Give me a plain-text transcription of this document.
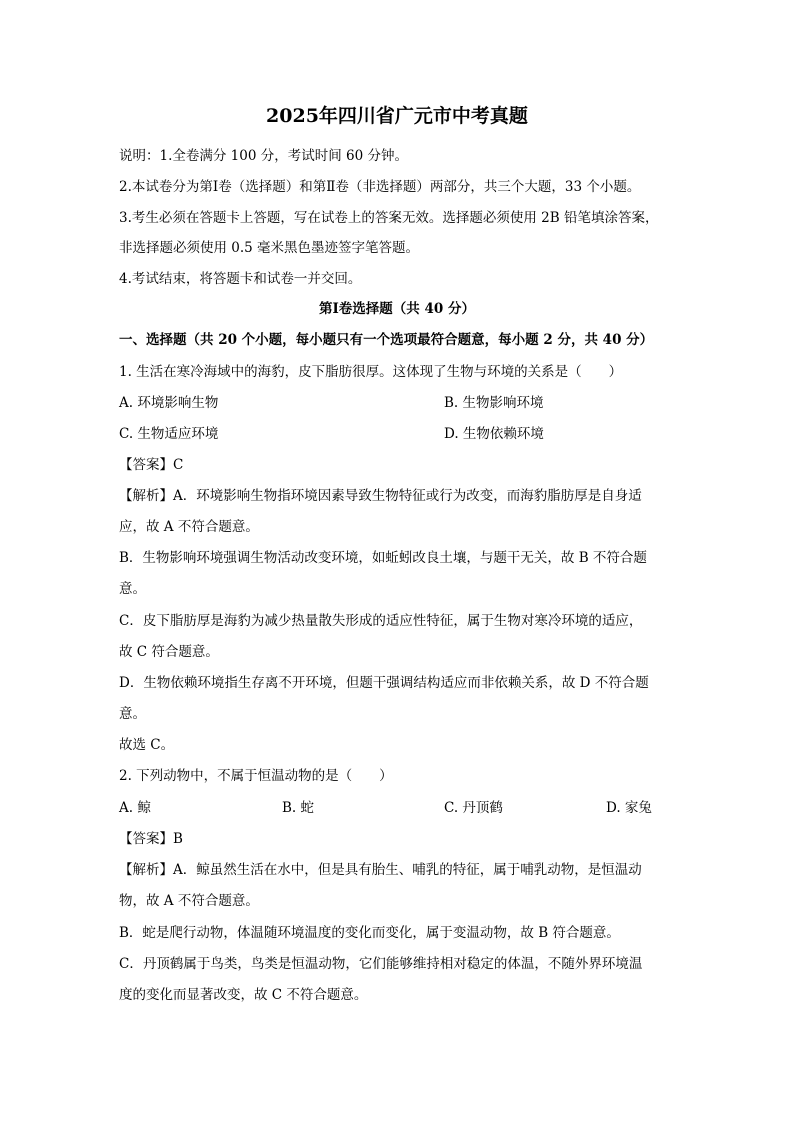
2025年四川省广元市中考真题
说明：1.全卷满分 100 分，考试时间 60 分钟。
2.本试卷分为第Ⅰ卷（选择题）和第Ⅱ卷（非选择题）两部分，共三个大题，33 个小题。
3.考生必须在答题卡上答题，写在试卷上的答案无效。选择题必须使用 2B 铅笔填涂答案，
非选择题必须使用 0.5 毫米黑色墨迹签字笔答题。
4.考试结束，将答题卡和试卷一并交回。
第Ⅰ卷选择题（共 40 分）
一、选择题（共 20 个小题，每小题只有一个选项最符合题意，每小题 2 分，共 40 分）
1. 生活在寒冷海域中的海豹，皮下脂肪很厚。这体现了生物与环境的关系是（　　）
A. 环境影响生物	B. 生物影响环境
C. 生物适应环境	D. 生物依赖环境
【答案】C
【解析】A．环境影响生物指环境因素导致生物特征或行为改变，而海豹脂肪厚是自身适
应，故 A 不符合题意。
B．生物影响环境强调生物活动改变环境，如蚯蚓改良土壤，与题干无关，故 B 不符合题
意。
C．皮下脂肪厚是海豹为减少热量散失形成的适应性特征，属于生物对寒冷环境的适应，
故 C 符合题意。
D．生物依赖环境指生存离不开环境，但题干强调结构适应而非依赖关系，故 D 不符合题
意。
故选 C。
2. 下列动物中，不属于恒温动物的是（　　）
A. 鲸	B. 蛇	C. 丹顶鹤	D. 家兔
【答案】B
【解析】A．鲸虽然生活在水中，但是具有胎生、哺乳的特征，属于哺乳动物，是恒温动
物，故 A 不符合题意。
B．蛇是爬行动物，体温随环境温度的变化而变化，属于变温动物，故 B 符合题意。
C．丹顶鹤属于鸟类，鸟类是恒温动物，它们能够维持相对稳定的体温，不随外界环境温
度的变化而显著改变，故 C 不符合题意。
